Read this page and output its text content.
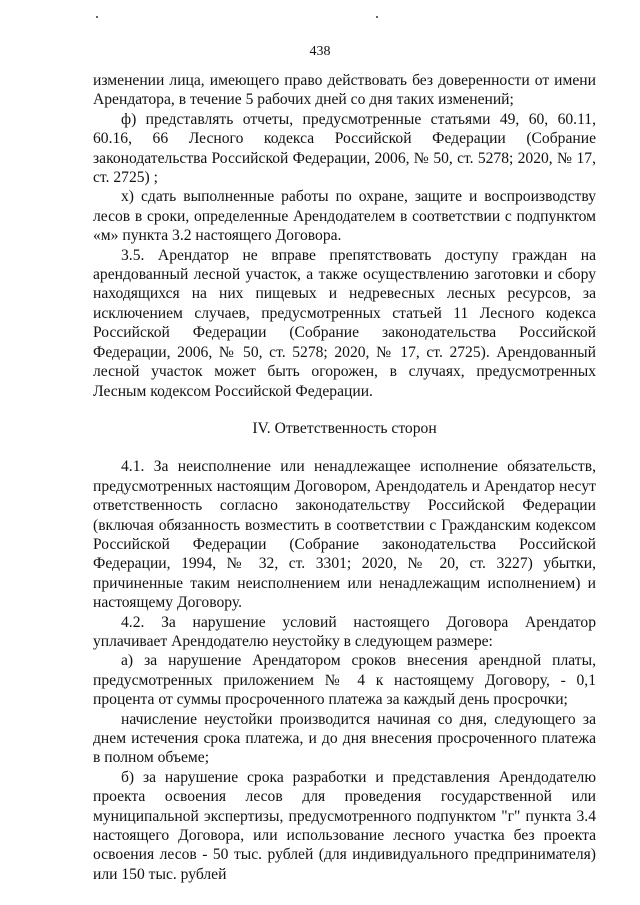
438

изменении лица, имеющего право действовать без доверенности от имени Арендатора, в течение 5 рабочих дней со дня таких изменений;

ф) представлять отчеты, предусмотренные статьями 49, 60, 60.11, 60.16, 66 Лесного кодекса Российской Федерации (Собрание законодательства Российской Федерации, 2006, № 50, ст. 5278; 2020, № 17, ст. 2725) ;

х) сдать выполненные работы по охране, защите и воспроизводству лесов в сроки, определенные Арендодателем в соответствии с подпунктом «м» пункта 3.2 настоящего Договора.

3.5. Арендатор не вправе препятствовать доступу граждан на арендованный лесной участок, а также осуществлению заготовки и сбору находящихся на них пищевых и недревесных лесных ресурсов, за исключением случаев, предусмотренных статьей 11 Лесного кодекса Российской Федерации (Собрание законодательства Российской Федерации, 2006, № 50, ст. 5278; 2020, № 17, ст. 2725). Арендованный лесной участок может быть огорожен, в случаях, предусмотренных Лесным кодексом Российской Федерации.

IV. Ответственность сторон

4.1. За неисполнение или ненадлежащее исполнение обязательств, предусмотренных настоящим Договором, Арендодатель и Арендатор несут ответственность согласно законодательству Российской Федерации (включая обязанность возместить в соответствии с Гражданским кодексом Российской Федерации (Собрание законодательства Российской Федерации, 1994, № 32, ст. 3301; 2020, № 20, ст. 3227) убытки, причиненные таким неисполнением или ненадлежащим исполнением) и настоящему Договору.

4.2. За нарушение условий настоящего Договора Арендатор уплачивает Арендодателю неустойку в следующем размере:

а) за нарушение Арендатором сроков внесения арендной платы, предусмотренных приложением № 4 к настоящему Договору, - 0,1 процента от суммы просроченного платежа за каждый день просрочки;

начисление неустойки производится начиная со дня, следующего за днем истечения срока платежа, и до дня внесения просроченного платежа в полном объеме;

б) за нарушение срока разработки и представления Арендодателю проекта освоения лесов для проведения государственной или муниципальной экспертизы, предусмотренного подпунктом "г" пункта 3.4 настоящего Договора, или использование лесного участка без проекта освоения лесов - 50 тыс. рублей (для индивидуального предпринимателя) или 150 тыс. рублей
